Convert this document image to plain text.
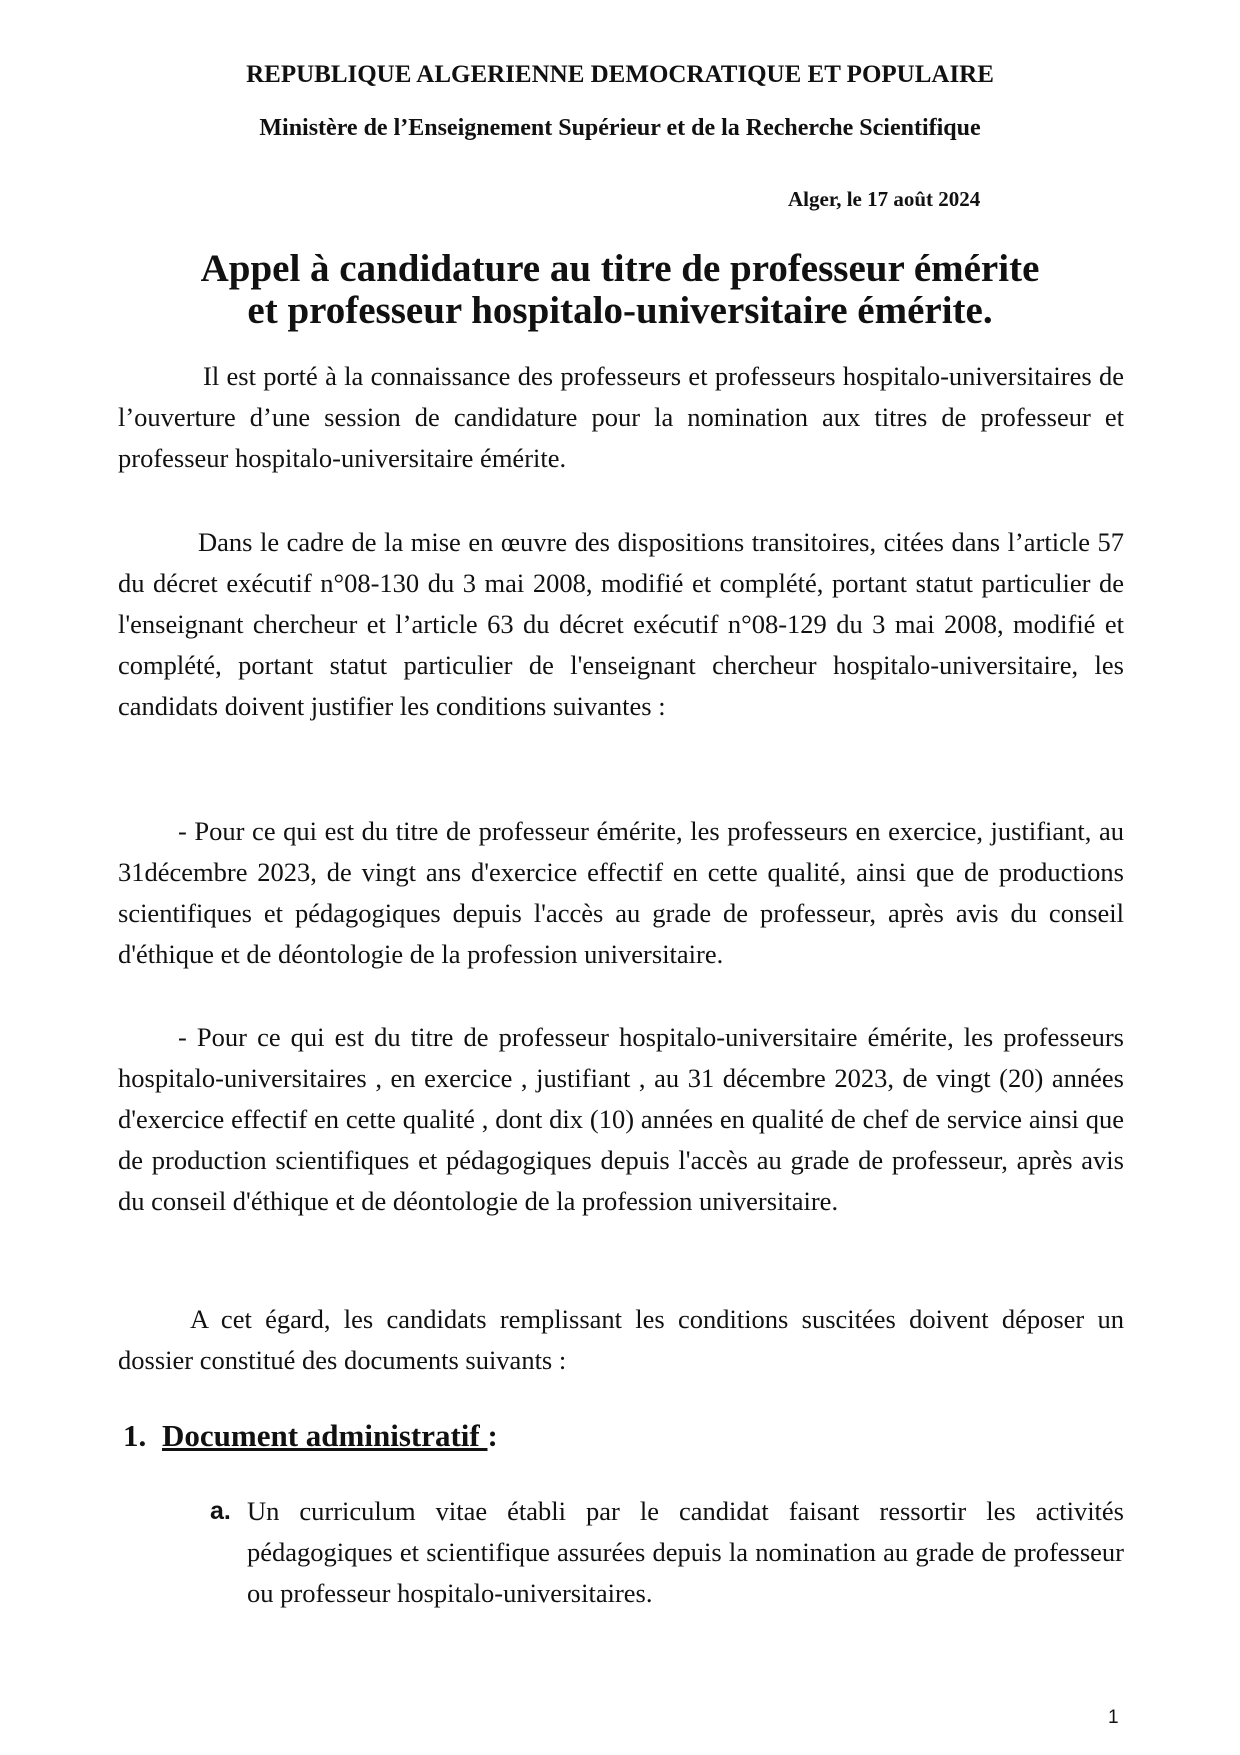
REPUBLIQUE ALGERIENNE DEMOCRATIQUE ET POPULAIRE
Ministère de l’Enseignement Supérieur et de la Recherche Scientifique
Alger, le 17 août 2024
Appel à candidature au titre de professeur émérite
et professeur hospitalo-universitaire émérite.

Il est porté à la connaissance des professeurs et professeurs hospitalo-universitaires de l’ouverture d’une session de candidature pour la nomination aux titres de professeur et professeur hospitalo-universitaire émérite.

Dans le cadre de la mise en œuvre des dispositions transitoires, citées dans l’article 57 du décret exécutif n°08-130 du 3 mai 2008, modifié et complété, portant statut particulier de l'enseignant chercheur et l’article 63 du décret exécutif n°08-129 du 3 mai 2008, modifié et complété, portant statut particulier de l'enseignant chercheur hospitalo-universitaire, les candidats doivent justifier les conditions suivantes :

- Pour ce qui est du titre de professeur émérite, les professeurs en exercice, justifiant, au 31décembre 2023, de vingt ans d'exercice effectif en cette qualité, ainsi que de productions scientifiques et pédagogiques depuis l'accès au grade de professeur, après avis du conseil d'éthique et de déontologie de la profession universitaire.

- Pour ce qui est du titre de professeur hospitalo-universitaire émérite, les professeurs hospitalo-universitaires , en exercice , justifiant , au 31 décembre 2023, de vingt (20) années d'exercice effectif en cette qualité , dont dix (10) années en qualité de chef de service ainsi que de production scientifiques et pédagogiques depuis l'accès au grade de professeur, après avis du conseil d'éthique et de déontologie de la profession universitaire.

A cet égard, les candidats remplissant les conditions suscitées doivent déposer un dossier constitué des documents suivants :

1. Document administratif :
a. Un curriculum vitae établi par le candidat faisant ressortir les activités pédagogiques et scientifique assurées depuis la nomination au grade de professeur ou professeur hospitalo-universitaires.

1
